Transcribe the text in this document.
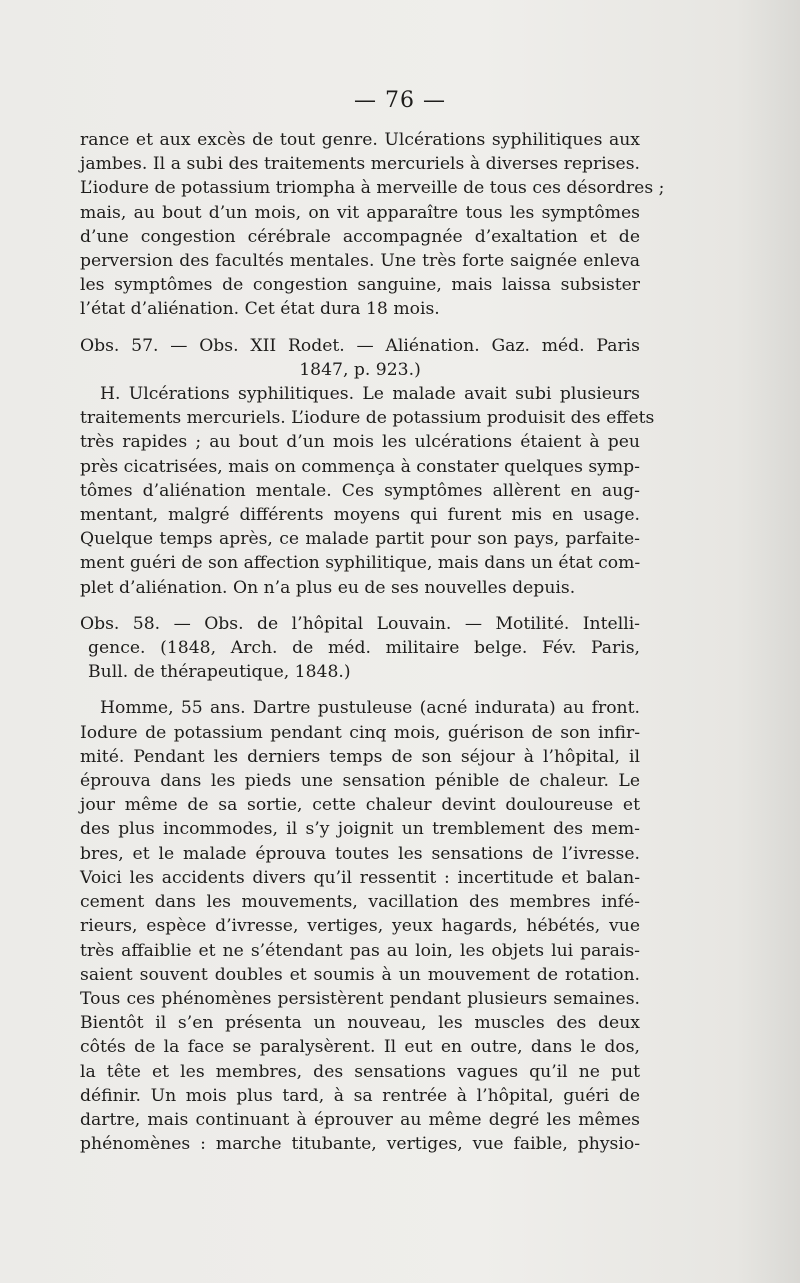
— 76 —
rance et aux excès de tout genre. Ulcérations syphilitiques aux
jambes. Il a subi des traitements mercuriels à diverses reprises.
L’iodure de potassium triompha à merveille de tous ces désordres ;
mais, au bout d’un mois, on vit apparaître tous les symptômes
d’une congestion cérébrale accompagnée d’exaltation et de
perversion des facultés mentales. Une très forte saignée enleva
les symptômes de congestion sanguine, mais laissa subsister
l’état d’aliénation. Cet état dura 18 mois.
Obs. 57. — Obs. XII Rodet. — Aliénation. Gaz. méd. Paris
1847, p. 923.)
H. Ulcérations syphilitiques. Le malade avait subi plusieurs
traitements mercuriels. L’iodure de potassium produisit des effets
très rapides ; au bout d’un mois les ulcérations étaient à peu
près cicatrisées, mais on commença à constater quelques symp-
tômes d’aliénation mentale. Ces symptômes allèrent en aug-
mentant, malgré différents moyens qui furent mis en usage.
Quelque temps après, ce malade partit pour son pays, parfaite-
ment guéri de son affection syphilitique, mais dans un état com-
plet d’aliénation. On n’a plus eu de ses nouvelles depuis.
Obs. 58. — Obs. de l’hôpital Louvain. — Motilité. Intelli-
gence. (1848, Arch. de méd. militaire belge. Fév. Paris,
Bull. de thérapeutique, 1848.)
Homme, 55 ans. Dartre pustuleuse (acné indurata) au front.
Iodure de potassium pendant cinq mois, guérison de son infir-
mité. Pendant les derniers temps de son séjour à l’hôpital, il
éprouva dans les pieds une sensation pénible de chaleur. Le
jour même de sa sortie, cette chaleur devint douloureuse et
des plus incommodes, il s’y joignit un tremblement des mem-
bres, et le malade éprouva toutes les sensations de l’ivresse.
Voici les accidents divers qu’il ressentit : incertitude et balan-
cement dans les mouvements, vacillation des membres infé-
rieurs, espèce d’ivresse, vertiges, yeux hagards, hébétés, vue
très affaiblie et ne s’étendant pas au loin, les objets lui parais-
saient souvent doubles et soumis à un mouvement de rotation.
Tous ces phénomènes persistèrent pendant plusieurs semaines.
Bientôt il s’en présenta un nouveau, les muscles des deux
côtés de la face se paralysèrent. Il eut en outre, dans le dos,
la tête et les membres, des sensations vagues qu’il ne put
définir. Un mois plus tard, à sa rentrée à l’hôpital, guéri de
dartre, mais continuant à éprouver au même degré les mêmes
phénomènes : marche titubante, vertiges, vue faible, physio-
